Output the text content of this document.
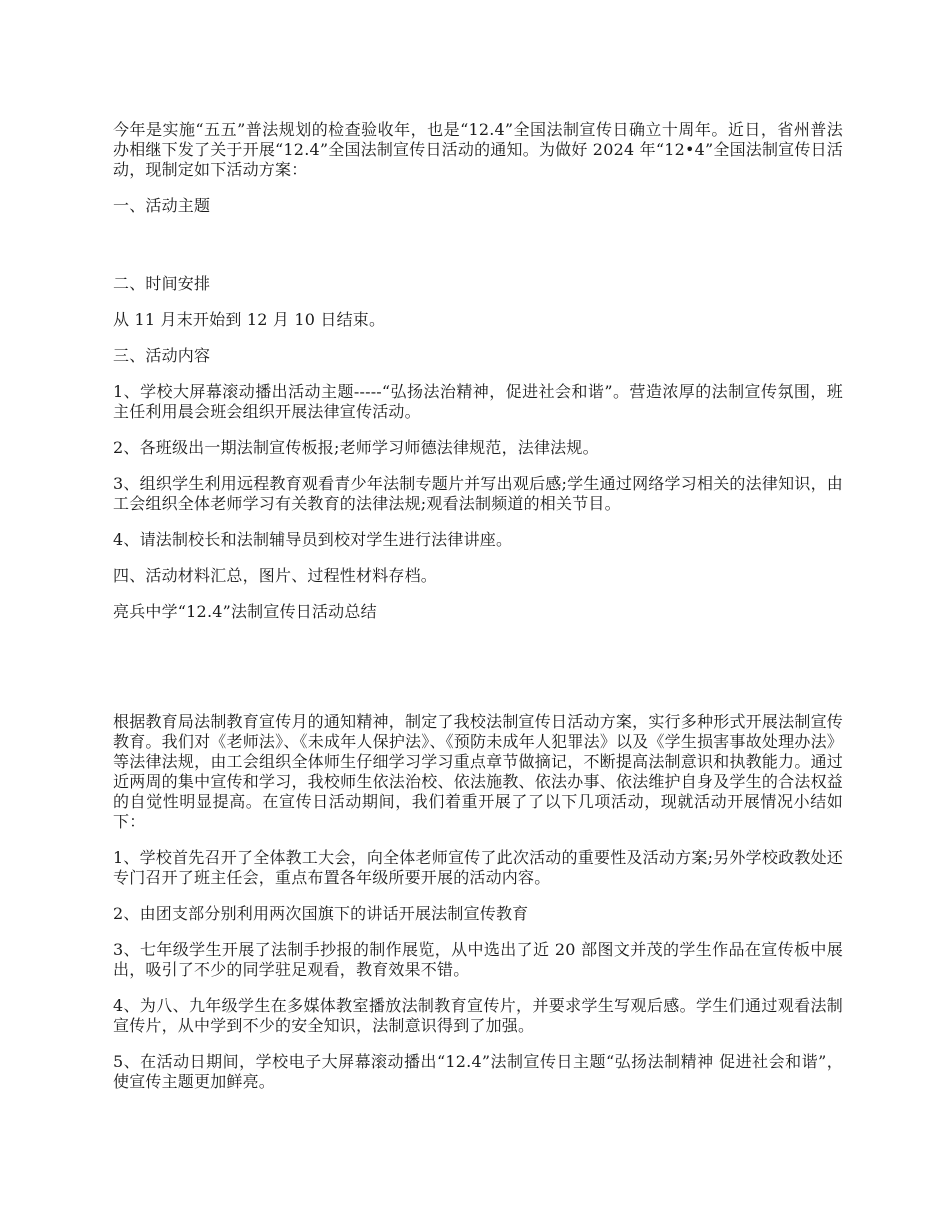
今年是实施“五五”普法规划的检查验收年，也是“12.4”全国法制宣传日确立十周年。近日，省州普法办相继下发了关于开展“12.4”全国法制宣传日活动的通知。为做好 2024 年“12•4”全国法制宣传日活动，现制定如下活动方案：

一、活动主题

二、时间安排

从 11 月末开始到 12 月 10 日结束。

三、活动内容

1、学校大屏幕滚动播出活动主题-----“弘扬法治精神，促进社会和谐”。营造浓厚的法制宣传氛围，班主任利用晨会班会组织开展法律宣传活动。

2、各班级出一期法制宣传板报;老师学习师德法律规范，法律法规。

3、组织学生利用远程教育观看青少年法制专题片并写出观后感;学生通过网络学习相关的法律知识，由工会组织全体老师学习有关教育的法律法规;观看法制频道的相关节目。

4、请法制校长和法制辅导员到校对学生进行法律讲座。

四、活动材料汇总，图片、过程性材料存档。

亮兵中学“12.4”法制宣传日活动总结

根据教育局法制教育宣传月的通知精神，制定了我校法制宣传日活动方案，实行多种形式开展法制宣传教育。我们对《老师法》、《未成年人保护法》、《预防未成年人犯罪法》以及《学生损害事故处理办法》等法律法规，由工会组织全体师生仔细学习学习重点章节做摘记，不断提高法制意识和执教能力。通过近两周的集中宣传和学习，我校师生依法治校、依法施教、依法办事、依法维护自身及学生的合法权益的自觉性明显提高。在宣传日活动期间，我们着重开展了了以下几项活动，现就活动开展情况小结如下：

1、学校首先召开了全体教工大会，向全体老师宣传了此次活动的重要性及活动方案;另外学校政教处还专门召开了班主任会，重点布置各年级所要开展的活动内容。

2、由团支部分别利用两次国旗下的讲话开展法制宣传教育

3、七年级学生开展了法制手抄报的制作展览，从中选出了近 20 部图文并茂的学生作品在宣传板中展出，吸引了不少的同学驻足观看，教育效果不错。

4、为八、九年级学生在多媒体教室播放法制教育宣传片，并要求学生写观后感。学生们通过观看法制宣传片，从中学到不少的安全知识，法制意识得到了加强。

5、在活动日期间，学校电子大屏幕滚动播出“12.4”法制宣传日主题“弘扬法制精神 促进社会和谐”，使宣传主题更加鲜亮。
